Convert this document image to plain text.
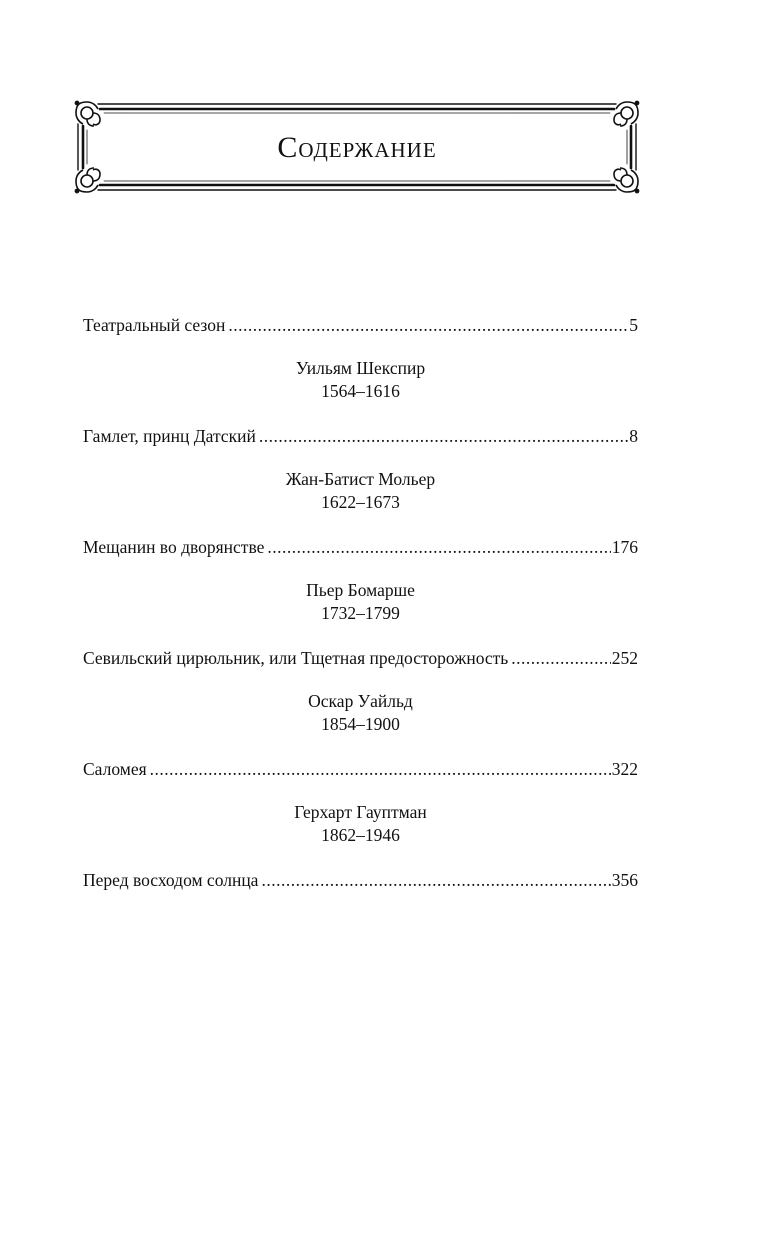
Содержание
Театральный сезон .....	5
Уильям Шекспир
1564–1616
Гамлет, принц Датский .....	8
Жан-Батист Мольер
1622–1673
Мещанин во дворянстве .....	176
Пьер Бомарше
1732–1799
Севильский цирюльник, или Тщетная предосторожность .....	252
Оскар Уайльд
1854–1900
Саломея .....	322
Герхарт Гауптман
1862–1946
Перед восходом солнца .....	356
